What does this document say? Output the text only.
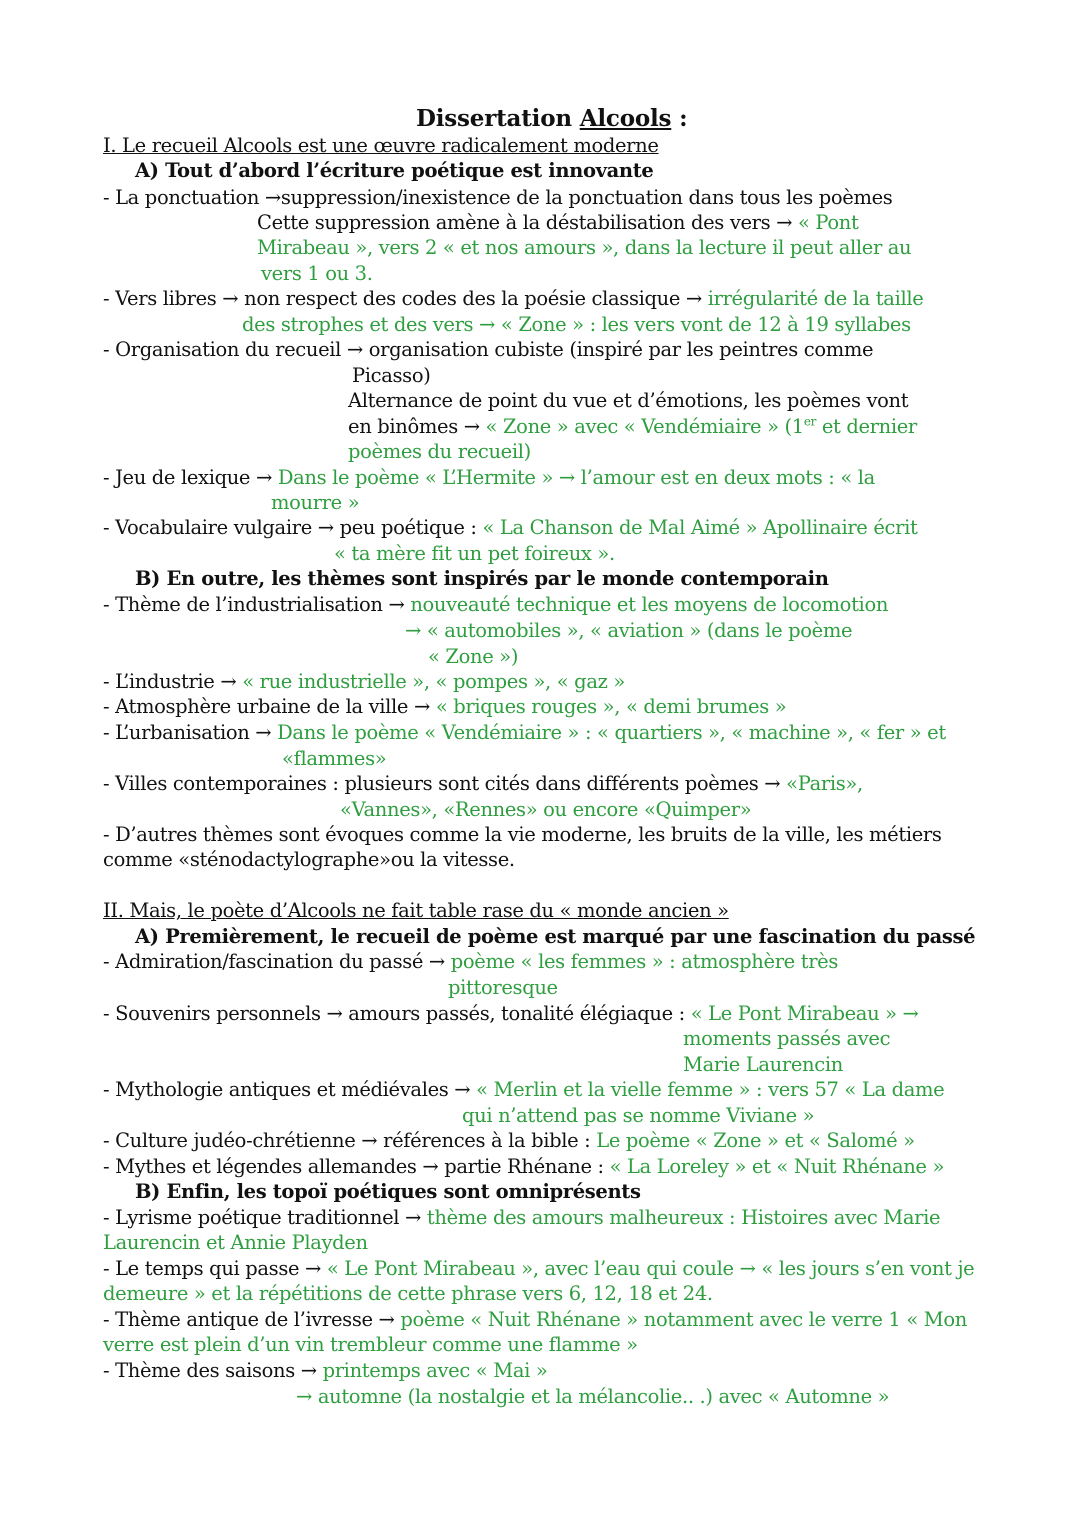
Dissertation Alcools :
I. Le recueil Alcools est une œuvre radicalement moderne
A) Tout d’abord l’écriture poétique est innovante
- La ponctuation →suppression/inexistence de la ponctuation dans tous les poèmes
Cette suppression amène à la déstabilisation des vers → « Pont
Mirabeau », vers 2 « et nos amours », dans la lecture il peut aller au
vers 1 ou 3.
- Vers libres → non respect des codes des la poésie classique → irrégularité de la taille
des strophes et des vers → « Zone » : les vers vont de 12 à 19 syllabes
- Organisation du recueil → organisation cubiste (inspiré par les peintres comme
Picasso)
Alternance de point du vue et d’émotions, les poèmes vont
en binômes → « Zone » avec « Vendémiaire » (1er et dernier
poèmes du recueil)
- Jeu de lexique → Dans le poème « L’Hermite » → l’amour est en deux mots : « la
mourre »
- Vocabulaire vulgaire → peu poétique : « La Chanson de Mal Aimé » Apollinaire écrit
« ta mère fit un pet foireux ».
B) En outre, les thèmes sont inspirés par le monde contemporain
- Thème de l’industrialisation → nouveauté technique et les moyens de locomotion
→ « automobiles », « aviation » (dans le poème
« Zone »)
- L’industrie → « rue industrielle », « pompes », « gaz »
- Atmosphère urbaine de la ville → « briques rouges », « demi brumes »
- L’urbanisation → Dans le poème « Vendémiaire » : « quartiers », « machine », « fer » et
«flammes»
- Villes contemporaines : plusieurs sont cités dans différents poèmes → «Paris»,
«Vannes», «Rennes» ou encore «Quimper»
- D’autres thèmes sont évoques comme la vie moderne, les bruits de la ville, les métiers
comme «sténodactylographe»ou la vitesse.
II. Mais, le poète d’Alcools ne fait table rase du « monde ancien »
A) Premièrement, le recueil de poème est marqué par une fascination du passé
- Admiration/fascination du passé → poème « les femmes » : atmosphère très
pittoresque
- Souvenirs personnels → amours passés, tonalité élégiaque : « Le Pont Mirabeau » →
moments passés avec
Marie Laurencin
- Mythologie antiques et médiévales → « Merlin et la vielle femme » : vers 57 « La dame
qui n’attend pas se nomme Viviane »
- Culture judéo-chrétienne → références à la bible : Le poème « Zone » et « Salomé »
- Mythes et légendes allemandes → partie Rhénane : « La Loreley » et « Nuit Rhénane »
B) Enfin, les topoï poétiques sont omniprésents
- Lyrisme poétique traditionnel → thème des amours malheureux : Histoires avec Marie
Laurencin et Annie Playden
- Le temps qui passe → « Le Pont Mirabeau », avec l’eau qui coule → « les jours s’en vont je
demeure » et la répétitions de cette phrase vers 6, 12, 18 et 24.
- Thème antique de l’ivresse → poème « Nuit Rhénane » notamment avec le verre 1 « Mon
verre est plein d’un vin trembleur comme une flamme »
- Thème des saisons → printemps avec « Mai »
→ automne (la nostalgie et la mélancolie.. .) avec « Automne »
